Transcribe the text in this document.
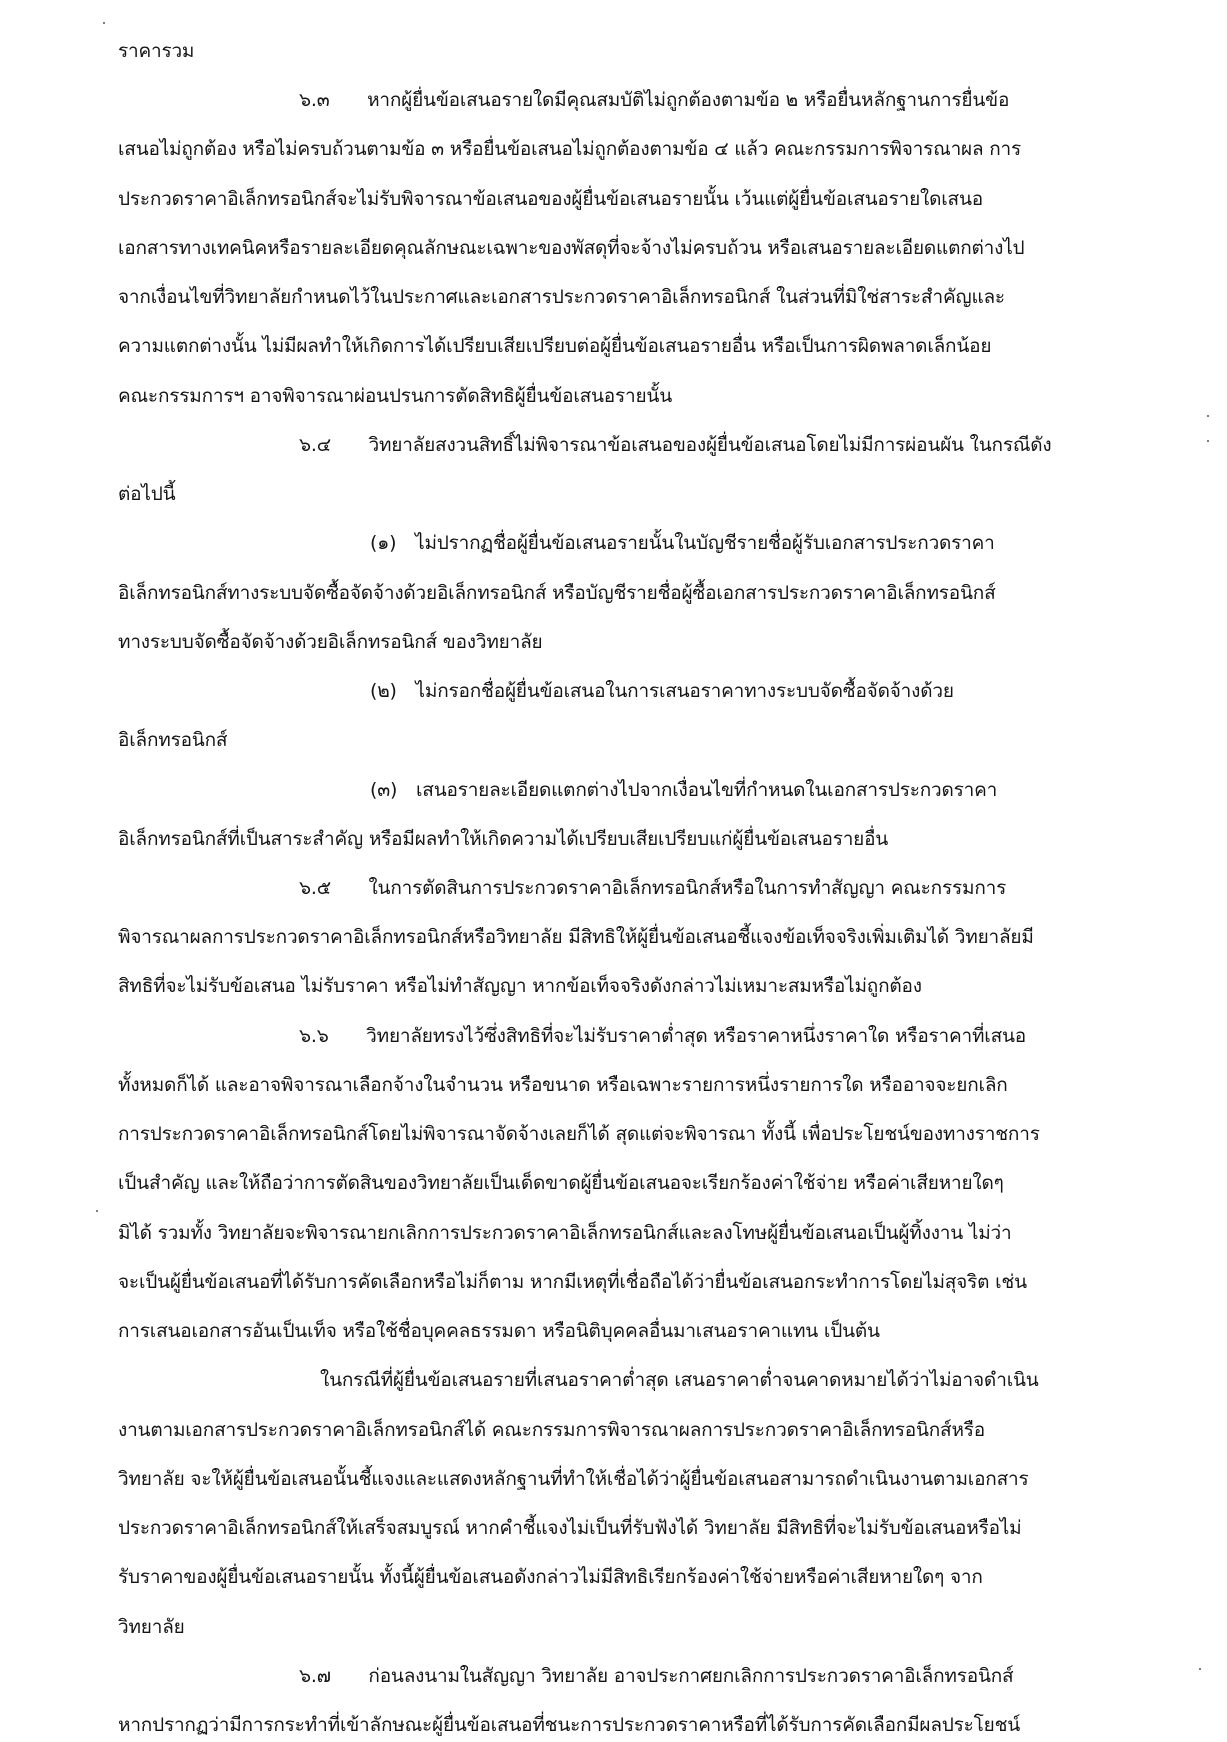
ราคารวม
๖.๓  หากผู้ยื่นข้อเสนอรายใดมีคุณสมบัติไม่ถูกต้องตามข้อ ๒ หรือยื่นหลักฐานการยื่นข้อ
เสนอไม่ถูกต้อง หรือไม่ครบถ้วนตามข้อ ๓ หรือยื่นข้อเสนอไม่ถูกต้องตามข้อ ๔ แล้ว คณะกรรมการพิจารณาผล การ
ประกวดราคาอิเล็กทรอนิกส์จะไม่รับพิจารณาข้อเสนอของผู้ยื่นข้อเสนอรายนั้น เว้นแต่ผู้ยื่นข้อเสนอรายใดเสนอ
เอกสารทางเทคนิคหรือรายละเอียดคุณลักษณะเฉพาะของพัสดุที่จะจ้างไม่ครบถ้วน หรือเสนอรายละเอียดแตกต่างไป
จากเงื่อนไขที่วิทยาลัยกำหนดไว้ในประกาศและเอกสารประกวดราคาอิเล็กทรอนิกส์ ในส่วนที่มิใช่สาระสำคัญและ
ความแตกต่างนั้น ไม่มีผลทำให้เกิดการได้เปรียบเสียเปรียบต่อผู้ยื่นข้อเสนอรายอื่น หรือเป็นการผิดพลาดเล็กน้อย
คณะกรรมการฯ อาจพิจารณาผ่อนปรนการตัดสิทธิผู้ยื่นข้อเสนอรายนั้น
๖.๔  วิทยาลัยสงวนสิทธิ์ไม่พิจารณาข้อเสนอของผู้ยื่นข้อเสนอโดยไม่มีการผ่อนผัน ในกรณีดัง
ต่อไปนี้
(๑) ไม่ปรากฏชื่อผู้ยื่นข้อเสนอรายนั้นในบัญชีรายชื่อผู้รับเอกสารประกวดราคา
อิเล็กทรอนิกส์ทางระบบจัดซื้อจัดจ้างด้วยอิเล็กทรอนิกส์ หรือบัญชีรายชื่อผู้ซื้อเอกสารประกวดราคาอิเล็กทรอนิกส์
ทางระบบจัดซื้อจัดจ้างด้วยอิเล็กทรอนิกส์ ของวิทยาลัย
(๒) ไม่กรอกชื่อผู้ยื่นข้อเสนอในการเสนอราคาทางระบบจัดซื้อจัดจ้างด้วย
อิเล็กทรอนิกส์
(๓) เสนอรายละเอียดแตกต่างไปจากเงื่อนไขที่กำหนดในเอกสารประกวดราคา
อิเล็กทรอนิกส์ที่เป็นสาระสำคัญ หรือมีผลทำให้เกิดความได้เปรียบเสียเปรียบแก่ผู้ยื่นข้อเสนอรายอื่น
๖.๕  ในการตัดสินการประกวดราคาอิเล็กทรอนิกส์หรือในการทำสัญญา คณะกรรมการ
พิจารณาผลการประกวดราคาอิเล็กทรอนิกส์หรือวิทยาลัย มีสิทธิให้ผู้ยื่นข้อเสนอชี้แจงข้อเท็จจริงเพิ่มเติมได้ วิทยาลัยมี
สิทธิที่จะไม่รับข้อเสนอ ไม่รับราคา หรือไม่ทำสัญญา หากข้อเท็จจริงดังกล่าวไม่เหมาะสมหรือไม่ถูกต้อง
๖.๖  วิทยาลัยทรงไว้ซึ่งสิทธิที่จะไม่รับราคาต่ำสุด หรือราคาหนึ่งราคาใด หรือราคาที่เสนอ
ทั้งหมดก็ได้ และอาจพิจารณาเลือกจ้างในจำนวน หรือขนาด หรือเฉพาะรายการหนึ่งรายการใด หรืออาจจะยกเลิก
การประกวดราคาอิเล็กทรอนิกส์โดยไม่พิจารณาจัดจ้างเลยก็ได้ สุดแต่จะพิจารณา ทั้งนี้ เพื่อประโยชน์ของทางราชการ
เป็นสำคัญ และให้ถือว่าการตัดสินของวิทยาลัยเป็นเด็ดขาดผู้ยื่นข้อเสนอจะเรียกร้องค่าใช้จ่าย หรือค่าเสียหายใดๆ
มิได้ รวมทั้ง วิทยาลัยจะพิจารณายกเลิกการประกวดราคาอิเล็กทรอนิกส์และลงโทษผู้ยื่นข้อเสนอเป็นผู้ทิ้งงาน ไม่ว่า
จะเป็นผู้ยื่นข้อเสนอที่ได้รับการคัดเลือกหรือไม่ก็ตาม หากมีเหตุที่เชื่อถือได้ว่ายื่นข้อเสนอกระทำการโดยไม่สุจริต เช่น
การเสนอเอกสารอันเป็นเท็จ หรือใช้ชื่อบุคคลธรรมดา หรือนิติบุคคลอื่นมาเสนอราคาแทน เป็นต้น
ในกรณีที่ผู้ยื่นข้อเสนอรายที่เสนอราคาต่ำสุด เสนอราคาต่ำจนคาดหมายได้ว่าไม่อาจดำเนิน
งานตามเอกสารประกวดราคาอิเล็กทรอนิกส์ได้ คณะกรรมการพิจารณาผลการประกวดราคาอิเล็กทรอนิกส์หรือ
วิทยาลัย จะให้ผู้ยื่นข้อเสนอนั้นชี้แจงและแสดงหลักฐานที่ทำให้เชื่อได้ว่าผู้ยื่นข้อเสนอสามารถดำเนินงานตามเอกสาร
ประกวดราคาอิเล็กทรอนิกส์ให้เสร็จสมบูรณ์ หากคำชี้แจงไม่เป็นที่รับฟังได้ วิทยาลัย มีสิทธิที่จะไม่รับข้อเสนอหรือไม่
รับราคาของผู้ยื่นข้อเสนอรายนั้น ทั้งนี้ผู้ยื่นข้อเสนอดังกล่าวไม่มีสิทธิเรียกร้องค่าใช้จ่ายหรือค่าเสียหายใดๆ จาก
วิทยาลัย
๖.๗  ก่อนลงนามในสัญญา วิทยาลัย อาจประกาศยกเลิกการประกวดราคาอิเล็กทรอนิกส์
หากปรากฏว่ามีการกระทำที่เข้าลักษณะผู้ยื่นข้อเสนอที่ชนะการประกวดราคาหรือที่ได้รับการคัดเลือกมีผลประโยชน์
